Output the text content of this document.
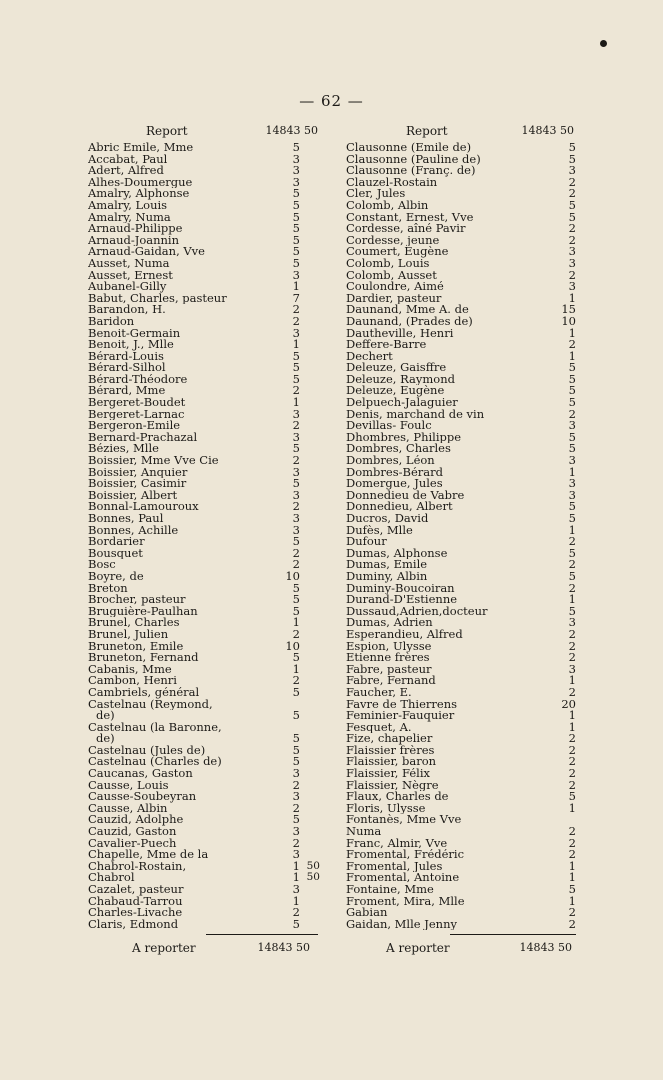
— 62 —
Report	14843 50
Abric Emile, Mme	5
Accabat, Paul	3
Adert, Alfred	3
Alhes-Doumergue	3
Amalry, Alphonse	5
Amalry, Louis	5
Amalry, Numa	5
Arnaud-Philippe	5
Arnaud-Joannin	5
Arnaud-Gaidan, Vve	5
Ausset, Numa	5
Ausset, Ernest	3
Aubanel-Gilly	1
Babut, Charles, pasteur	7
Barandon, H.	2
Baridon	2
Benoit-Germain	3
Benoit, J., Mlle	1
Bérard-Louis	5
Bérard-Silhol	5
Bérard-Théodore	5
Bérard, Mme	2
Bergeret-Boudet	1
Bergeret-Larnac	3
Bergeron-Emile	2
Bernard-Prachazal	3
Bézies, Mlle	5
Boissier, Mme Vve Cie	2
Boissier, Anquier	3
Boissier, Casimir	5
Boissier, Albert	3
Bonnal-Lamouroux	2
Bonnes, Paul	3
Bonnes, Achille	3
Bordarier	5
Bousquet	2
Bosc	2
Boyre, de	10
Breton	5
Brocher, pasteur	5
Bruguière-Paulhan	5
Brunel, Charles	1
Brunel, Julien	2
Bruneton, Emile	10
Bruneton, Fernand	5
Cabanis, Mme	1
Cambon, Henri	2
Cambriels, général	5
Castelnau (Reymond,
de)	5
Castelnau (la Baronne,
de)	5
Castelnau (Jules de)	5
Castelnau (Charles de)	5
Caucanas, Gaston	3
Causse, Louis	2
Causse-Soubeyran	3
Causse, Albin	2
Cauzid, Adolphe	5
Cauzid, Gaston	3
Cavalier-Puech	2
Chapelle, Mme de la	3
Chabrol-Rostain,	1 50
Chabrol	1 50
Cazalet, pasteur	3
Chabaud-Tarrou	1
Charles-Livache	2
Claris, Edmond	5
A reporter	14843 50
Report	14843 50
Clausonne (Emile de)	5
Clausonne (Pauline de)	5
Clausonne (Franç. de)	3
Clauzel-Rostain	2
Cler, Jules	2
Colomb, Albin	5
Constant, Ernest, Vve	5
Cordesse, aîné Pavir	2
Cordesse, jeune	2
Coumert, Eugène	3
Colomb, Louis	3
Colomb, Ausset	2
Coulondre, Aimé	3
Dardier, pasteur	1
Daunand, Mme A. de	15
Daunand, (Prades de)	10
Dautheville, Henri	1
Deffere-Barre	2
Dechert	1
Deleuze, Gaisffre	5
Deleuze, Raymond	5
Deleuze, Eugène	5
Delpuech-Jalaguier	5
Denis, marchand de vin	2
Devillas- Foulc	3
Dhombres, Philippe	5
Dombres, Charles	5
Dombres, Léon	3
Dombres-Bérard	1
Domergue, Jules	3
Donnedieu de Vabre	3
Donnedieu, Albert	5
Ducros, David	5
Dufès, Mlle	1
Dufour	2
Dumas, Alphonse	5
Dumas, Emile	2
Duminy, Albin	5
Duminy-Boucoiran	2
Durand-D'Estienne	1
Dussaud,Adrien,docteur	5
Dumas, Adrien	3
Esperandieu, Alfred	2
Espion, Ulysse	2
Etienne frères	2
Fabre, pasteur	3
Fabre, Fernand	1
Faucher, E.	2
Favre de Thierrens	20
Feminier-Fauquier	1
Fesquet, A.	1
Fize, chapelier	2
Flaissier frères	2
Flaissier, baron	2
Flaissier, Félix	2
Flaissier, Nègre	2
Flaux, Charles de	5
Floris, Ulysse	1
Fontanès, Mme Vve
Numa	2
Franc, Almir, Vve	2
Fromental, Frédéric	2
Fromental, Jules	1
Fromental, Antoine	1
Fontaine, Mme	5
Froment, Mira, Mlle	1
Gabian	2
Gaidan, Mlle Jenny	2
A reporter	14843 50
